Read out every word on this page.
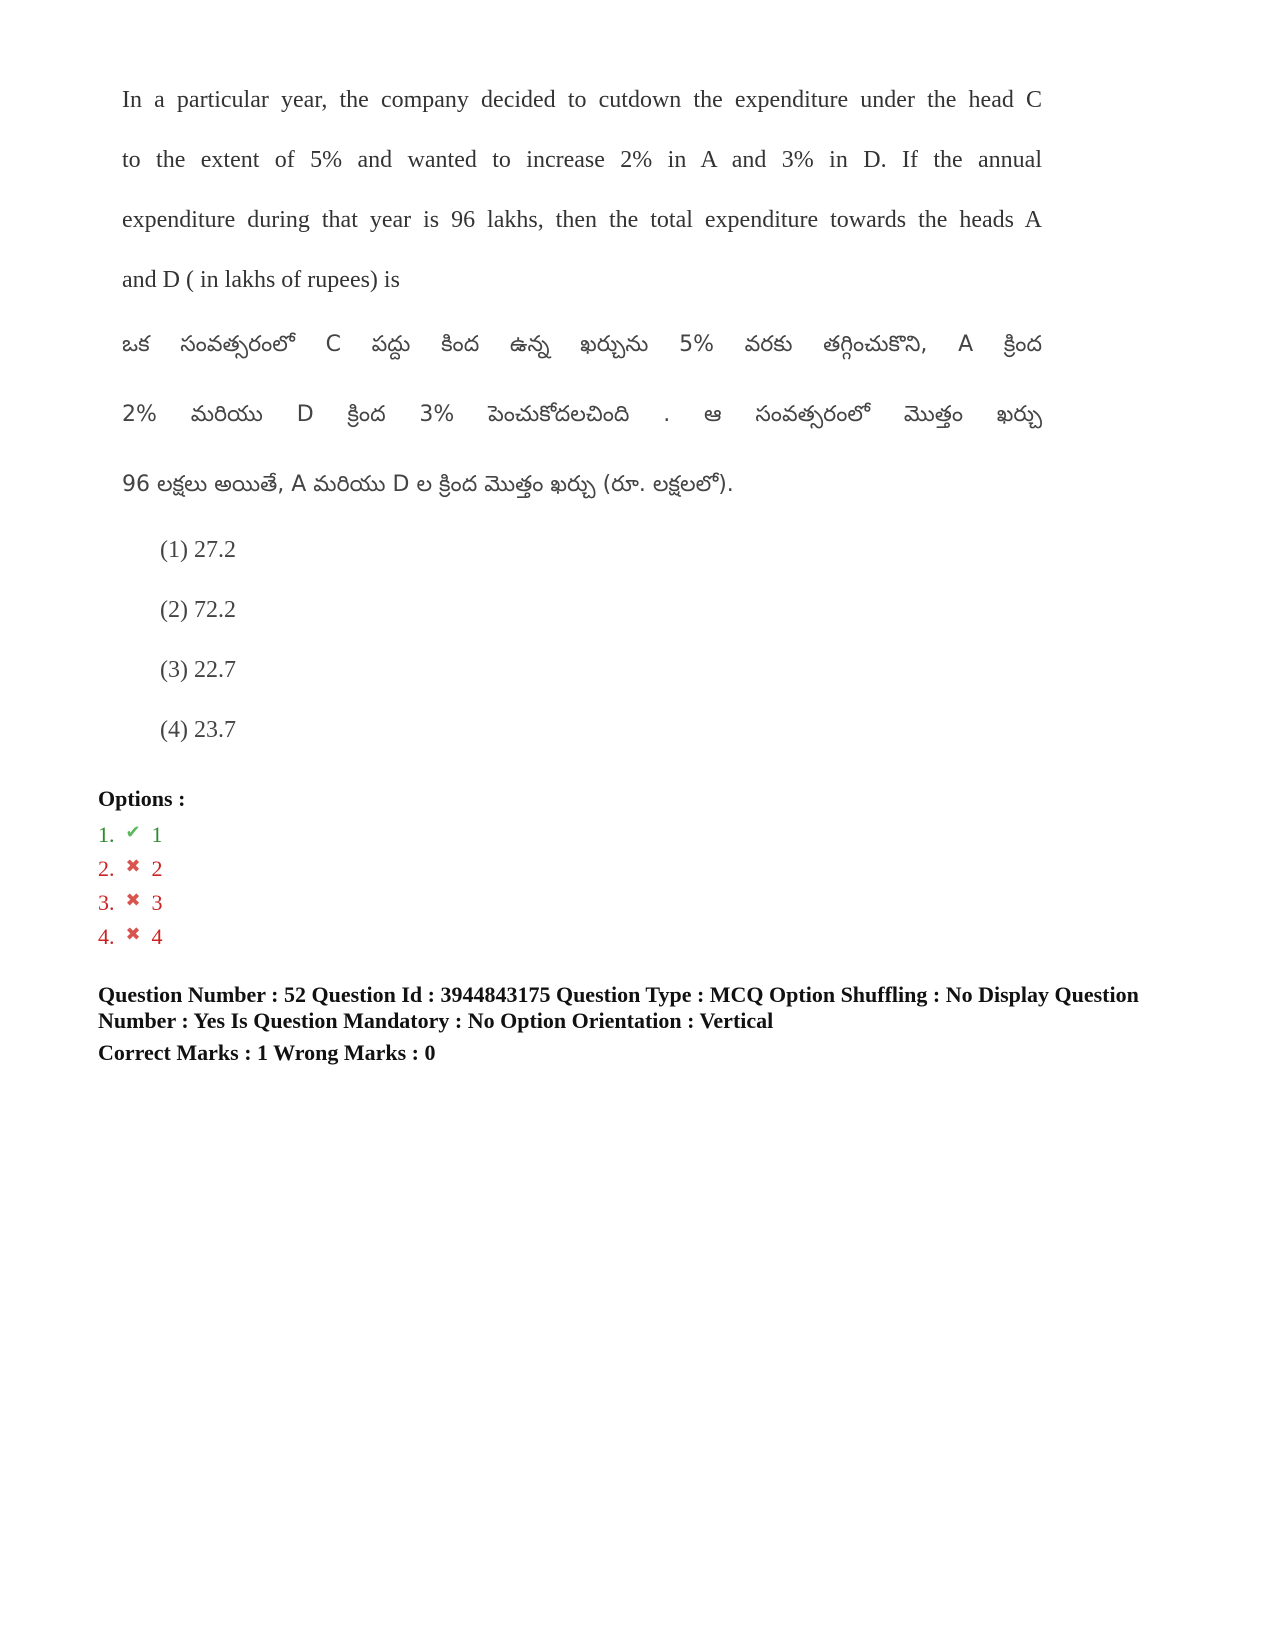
In a particular year, the company decided to cutdown the expenditure under the head C
to the extent of 5% and wanted to increase 2% in A and 3% in D. If the annual
expenditure during that year is 96 lakhs, then the total expenditure towards the heads A
and D ( in lakhs of rupees) is
ఒక సంవత్సరంలో C పద్దు కింద ఉన్న ఖర్చును 5% వరకు తగ్గించుకొని, A క్రింద
2% మరియు D క్రింద 3% పెంచుకోదలచింది . ఆ సంవత్సరంలో మొత్తం ఖర్చు
96 లక్షలు అయితే, A మరియు D ల క్రింద మొత్తం ఖర్చు (రూ. లక్షలలో).
(1) 27.2
(2) 72.2
(3) 22.7
(4) 23.7
Options :
1. ✔ 1
2. ✖ 2
3. ✖ 3
4. ✖ 4
Question Number : 52 Question Id : 3944843175 Question Type : MCQ Option Shuffling : No Display Question Number : Yes Is Question Mandatory : No Option Orientation : Vertical
Correct Marks : 1 Wrong Marks : 0
